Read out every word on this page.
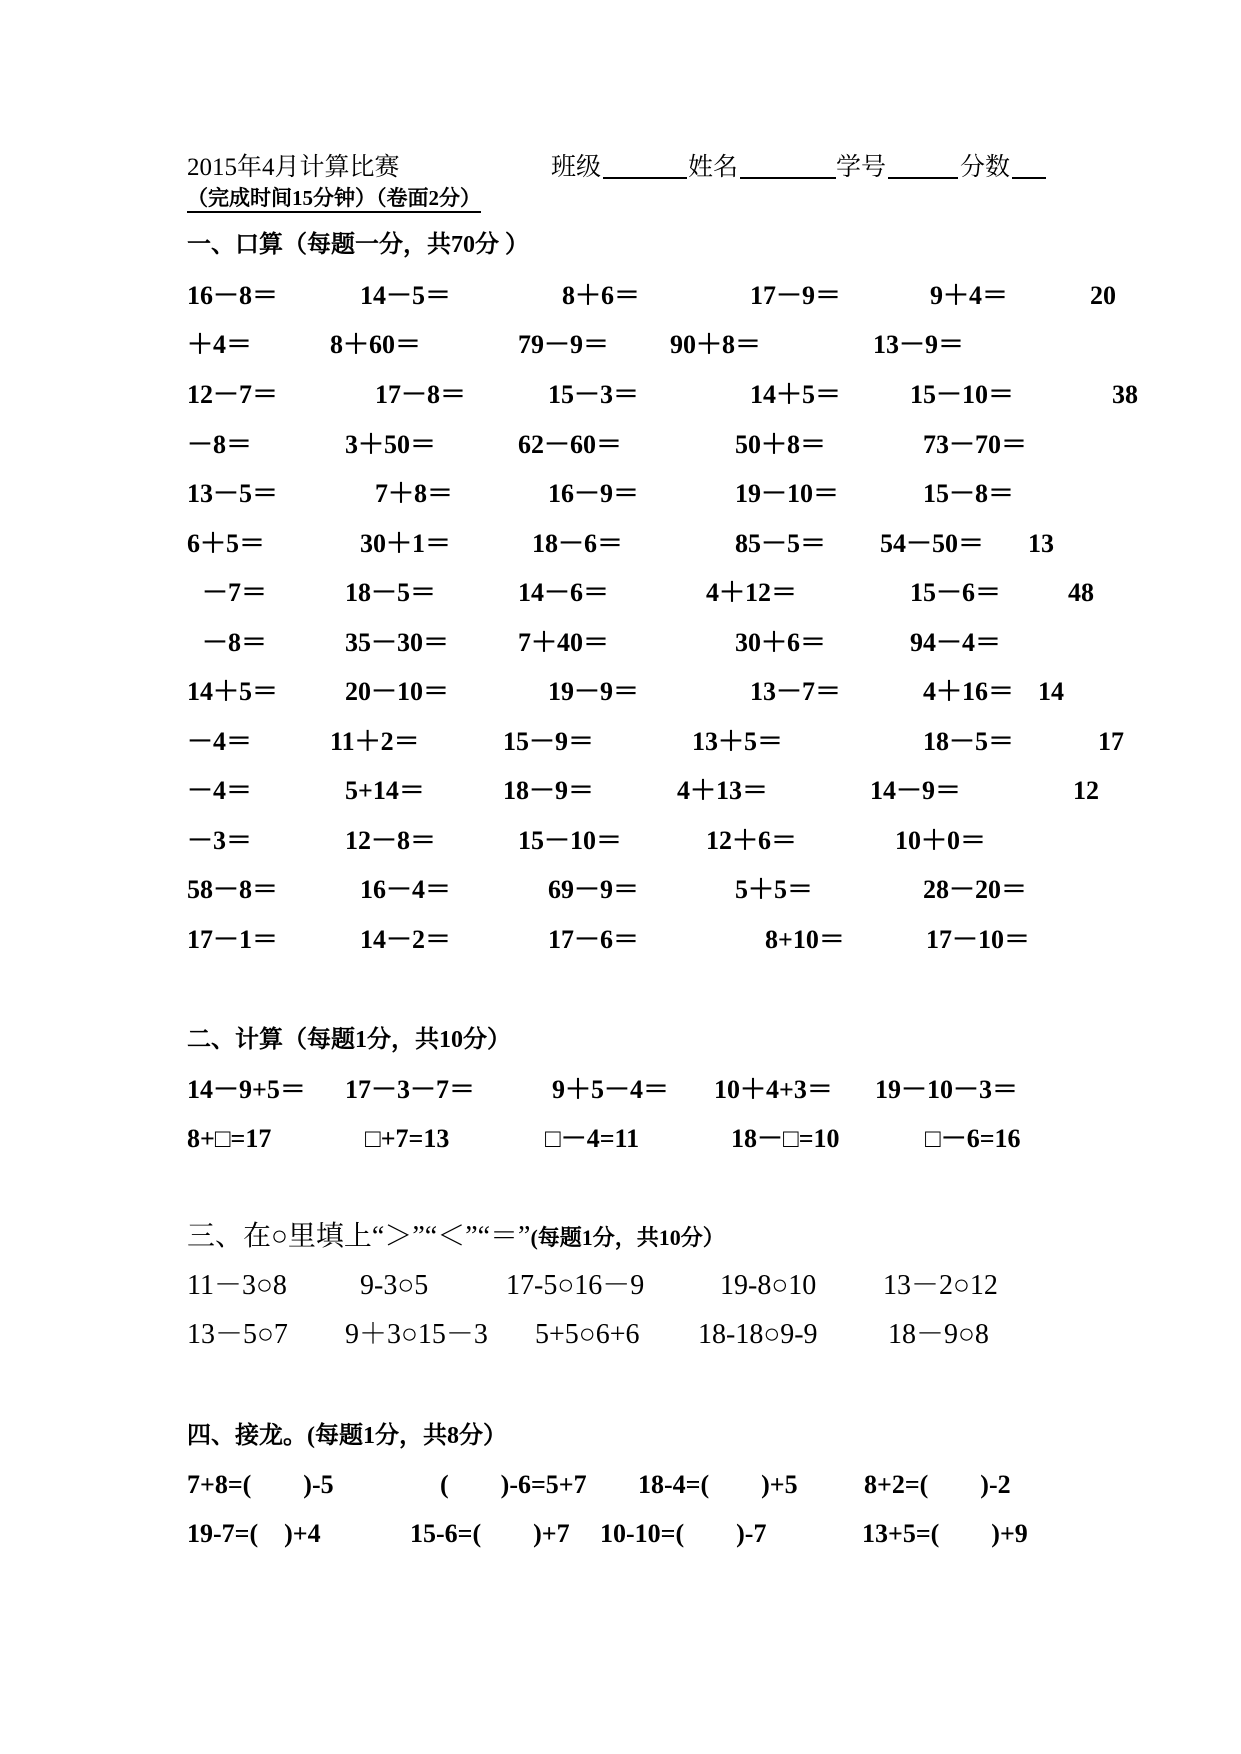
2015年4月计算比赛	班级	姓名	学号	分数
（完成时间15分钟）（卷面2分）
一、口算（每题一分，共70分 ）
16－8＝	14－5＝	8＋6＝	17－9＝	9＋4＝	20
＋4＝	8＋60＝	79－9＝ 90＋8＝	13－9＝
12－7＝	17－8＝	15－3＝	14＋5＝	15－10＝	38
－8＝	3＋50＝	62－60＝	50＋8＝	73－70＝
13－5＝	7＋8＝	16－9＝	19－10＝	15－8＝
6＋5＝	30＋1＝	18－6＝	85－5＝ 54－50＝ 13
－7＝	18－5＝	14－6＝	4＋12＝	15－6＝	48
－8＝	35－30＝	7＋40＝	30＋6＝	94－4＝
14＋5＝	20－10＝	19－9＝	13－7＝	4＋16＝ 14
－4＝	11＋2＝	15－9＝	13＋5＝	18－5＝	17
－4＝	5+14＝	18－9＝	4＋13＝	14－9＝	12
－3＝	12－8＝	15－10＝	12＋6＝	10＋0＝
58－8＝	16－4＝	69－9＝	5＋5＝	28－20＝
17－1＝	14－2＝	17－6＝	8+10＝	17－10＝
二、计算（每题1分，共10分）
14－9+5＝ 17－3－7＝	9＋5－4＝ 10＋4+3＝ 19－10－3＝
8+□=17	□+7=13	□－4=11	18－□=10	□－6=16
三、在○里填上“＞”“＜”“＝”(每题1分，共10分）
11－3○8	9-3○5	17-5○16－9	19-8○10 13－2○12
13－5○7 9＋3○15－3 5+5○6+6 18-18○9-9	18－9○8
四、接龙。(每题1分，共8分）
7+8=(　　)-5	(　　)-6=5+7 18-4=(　　)+5	8+2=(　　)-2
19-7=(　)+4	15-6=(　　)+7 10-10=(　　)-7	13+5=(　　)+9
